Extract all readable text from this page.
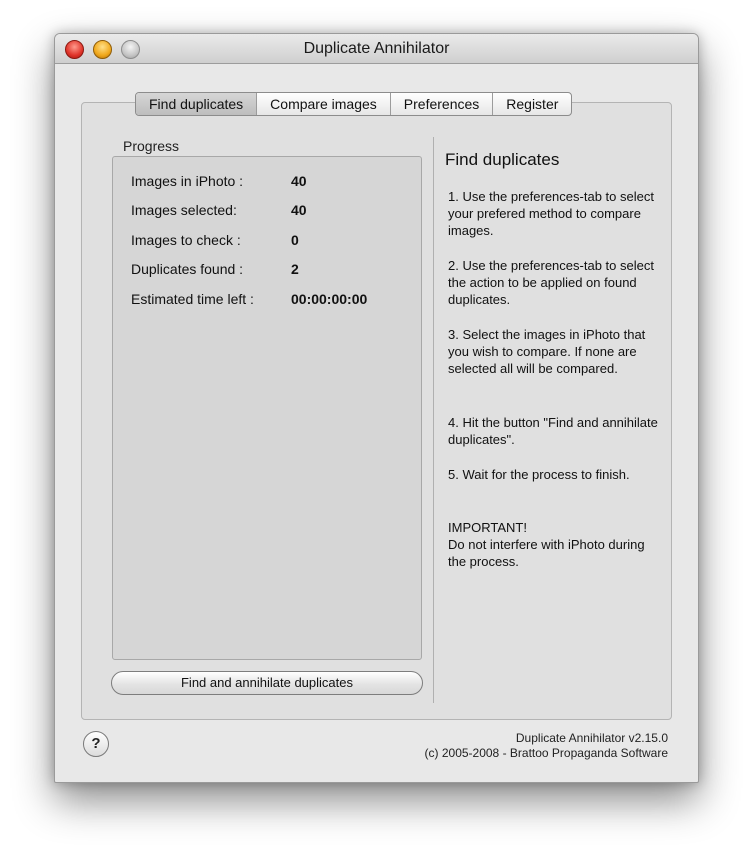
Duplicate Annihilator
Find duplicates	Compare images	Preferences	Register
Progress
Images in iPhoto :	40
Images selected:	40
Images to check :	0
Duplicates found :	2
Estimated time left :	00:00:00:00
Find and annihilate duplicates
Find duplicates
1. Use the preferences-tab to select your prefered method to compare images.
2. Use the preferences-tab to select the action to be applied on found duplicates.
3. Select the images in iPhoto that you wish to compare. If none are selected all will be compared.
4. Hit the button "Find and annihilate duplicates".
5. Wait for the process to finish.
IMPORTANT!
Do not interfere with iPhoto during the process.
?	Duplicate Annihilator v2.15.0
(c) 2005-2008 - Brattoo Propaganda Software
